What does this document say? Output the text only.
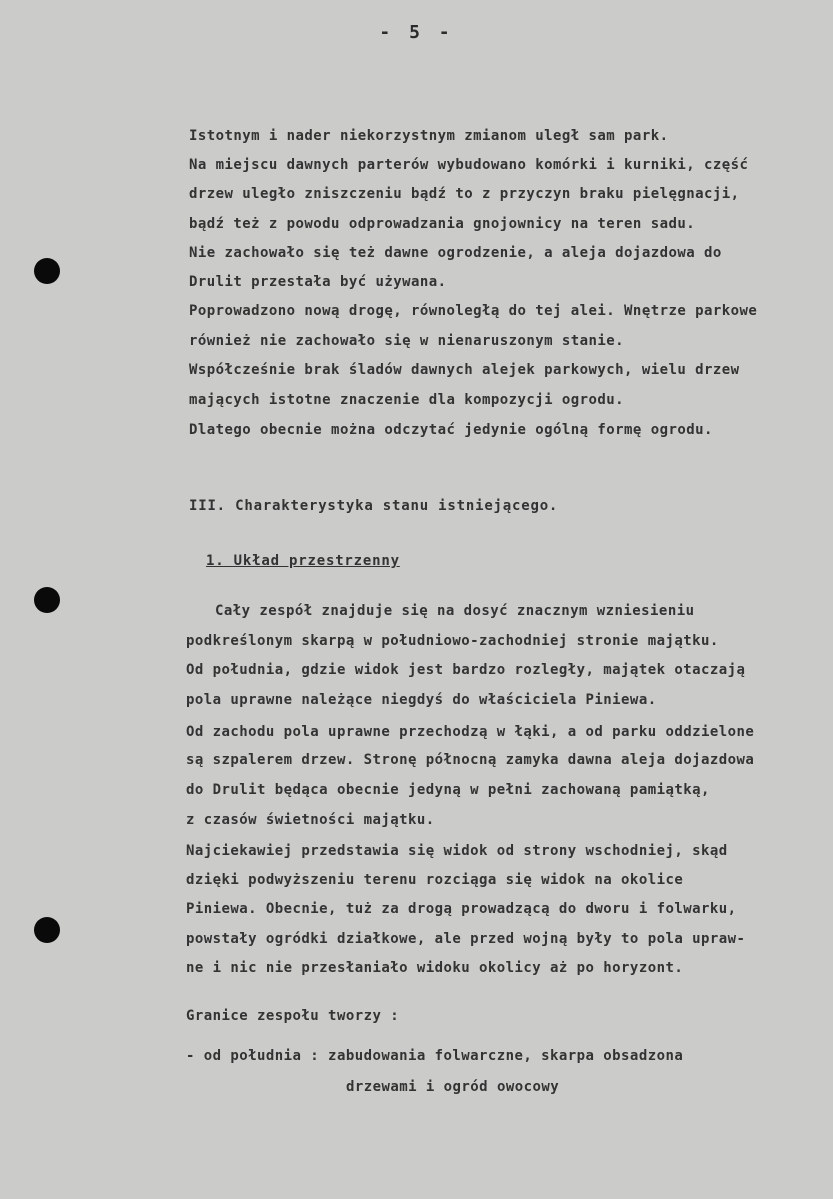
- 5 -
Istotnym i nader niekorzystnym zmianom uległ sam park.
Na miejscu dawnych parterów wybudowano komórki i kurniki, część
drzew uległo zniszczeniu bądź to z przyczyn braku pielęgnacji,
bądź też z powodu odprowadzania gnojownicy na teren sadu.
Nie zachowało się też dawne ogrodzenie, a aleja dojazdowa do
Drulit przestała być używana.
Poprowadzono nową drogę, równoległą do tej alei. Wnętrze parkowe
również nie zachowało się w nienaruszonym stanie.
Współcześnie brak śladów dawnych alejek parkowych, wielu drzew
mających istotne znaczenie dla kompozycji ogrodu.
Dlatego obecnie można odczytać jedynie ogólną formę ogrodu.
III. Charakterystyka stanu istniejącego.
1. Układ przestrzenny
Cały zespół znajduje się na dosyć znacznym wzniesieniu
podkreślonym skarpą w południowo-zachodniej stronie majątku.
Od południa, gdzie widok jest bardzo rozległy, majątek otaczają
pola uprawne należące niegdyś do właściciela Piniewa.
Od zachodu pola uprawne przechodzą w łąki, a od parku oddzielone
są szpalerem drzew. Stronę północną zamyka dawna aleja dojazdowa
do Drulit będąca obecnie jedyną w pełni zachowaną pamiątką,
z czasów świetności majątku.
Najciekawiej przedstawia się widok od strony wschodniej, skąd
dzięki podwyższeniu terenu rozciąga się widok na okolice
Piniewa. Obecnie, tuż za drogą prowadzącą do dworu i folwarku,
powstały ogródki działkowe, ale przed wojną były to pola upraw-
ne i nic nie przesłaniało widoku okolicy aż po horyzont.
Granice zespołu tworzy :
- od południa : zabudowania folwarczne, skarpa obsadzona
drzewami i ogród owocowy
